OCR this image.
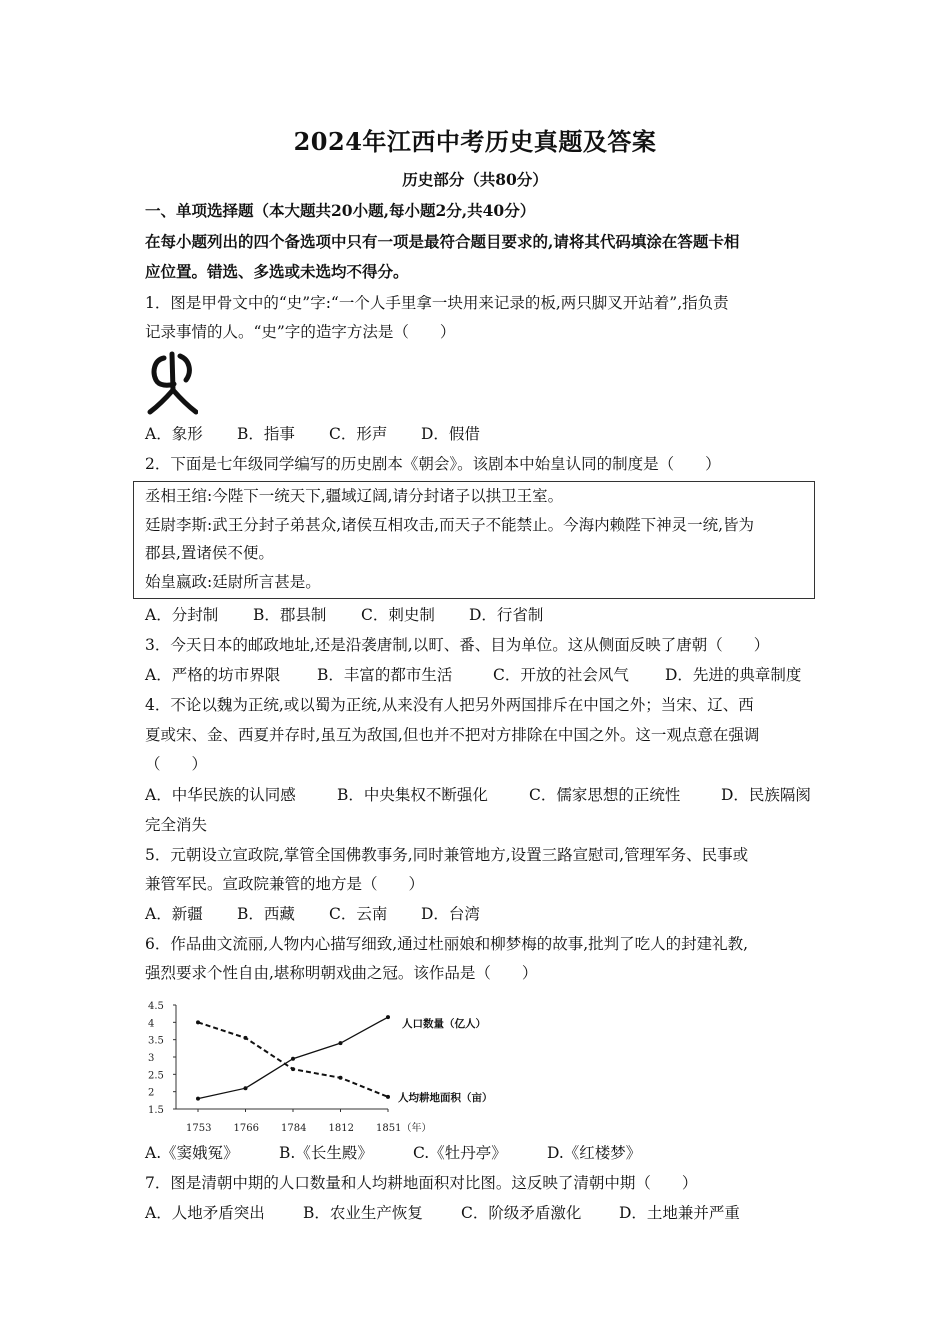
2024年江西中考历史真题及答案
历史部分（共80分）
一、单项选择题（本大题共20小题,每小题2分,共40分）
在每小题列出的四个备选项中只有一项是最符合题目要求的,请将其代码填涂在答题卡相
应位置。错选、多选或未选均不得分。
1．图是甲骨文中的“史”字:“一个人手里拿一块用来记录的板,两只脚叉开站着”,指负责
记录事情的人。“史”字的造字方法是（　　）
A．象形 B．指事 C．形声 D．假借
2．下面是七年级同学编写的历史剧本《朝会》。该剧本中始皇认同的制度是（　　）
丞相王绾:今陛下一统天下,疆域辽阔,请分封诸子以拱卫王室。
廷尉李斯:武王分封子弟甚众,诸侯互相攻击,而天子不能禁止。今海内赖陛下神灵一统,皆为
郡县,置诸侯不便。
始皇嬴政:廷尉所言甚是。
A．分封制 B．郡县制 C．刺史制 D．行省制
3．今天日本的邮政地址,还是沿袭唐制,以町、番、目为单位。这从侧面反映了唐朝（　　）
A．严格的坊市界限 B．丰富的都市生活	C．开放的社会风气 D．先进的典章制度
4．不论以魏为正统,或以蜀为正统,从来没有人把另外两国排斥在中国之外；当宋、辽、西
夏或宋、金、西夏并存时,虽互为敌国,但也并不把对方排除在中国之外。这一观点意在强调
（　　）
A．中华民族的认同感	B．中央集权不断强化	C．儒家思想的正统性	D．民族隔阂
完全消失
5．元朝设立宣政院,掌管全国佛教事务,同时兼管地方,设置三路宣慰司,管理军务、民事或
兼管军民。宣政院兼管的地方是（　　）
A．新疆 B．西藏 C．云南 D．台湾
6．作品曲文流丽,人物内心描写细致,通过杜丽娘和柳梦梅的故事,批判了吃人的封建礼教,
强烈要求个性自由,堪称明朝戏曲之冠。该作品是（　　）
1.5
2
2.5
3
3.5
4
4.5
1753 1766 1784 1812 1851（年）
人口数量（亿人）
人均耕地面积（亩）
A.《窦娥冤》	B.《长生殿》	C.《牡丹亭》	D.《红楼梦》
7．图是清朝中期的人口数量和人均耕地面积对比图。这反映了清朝中期（　　）
A．人地矛盾突出 B．农业生产恢复 C．阶级矛盾激化 D．土地兼并严重
